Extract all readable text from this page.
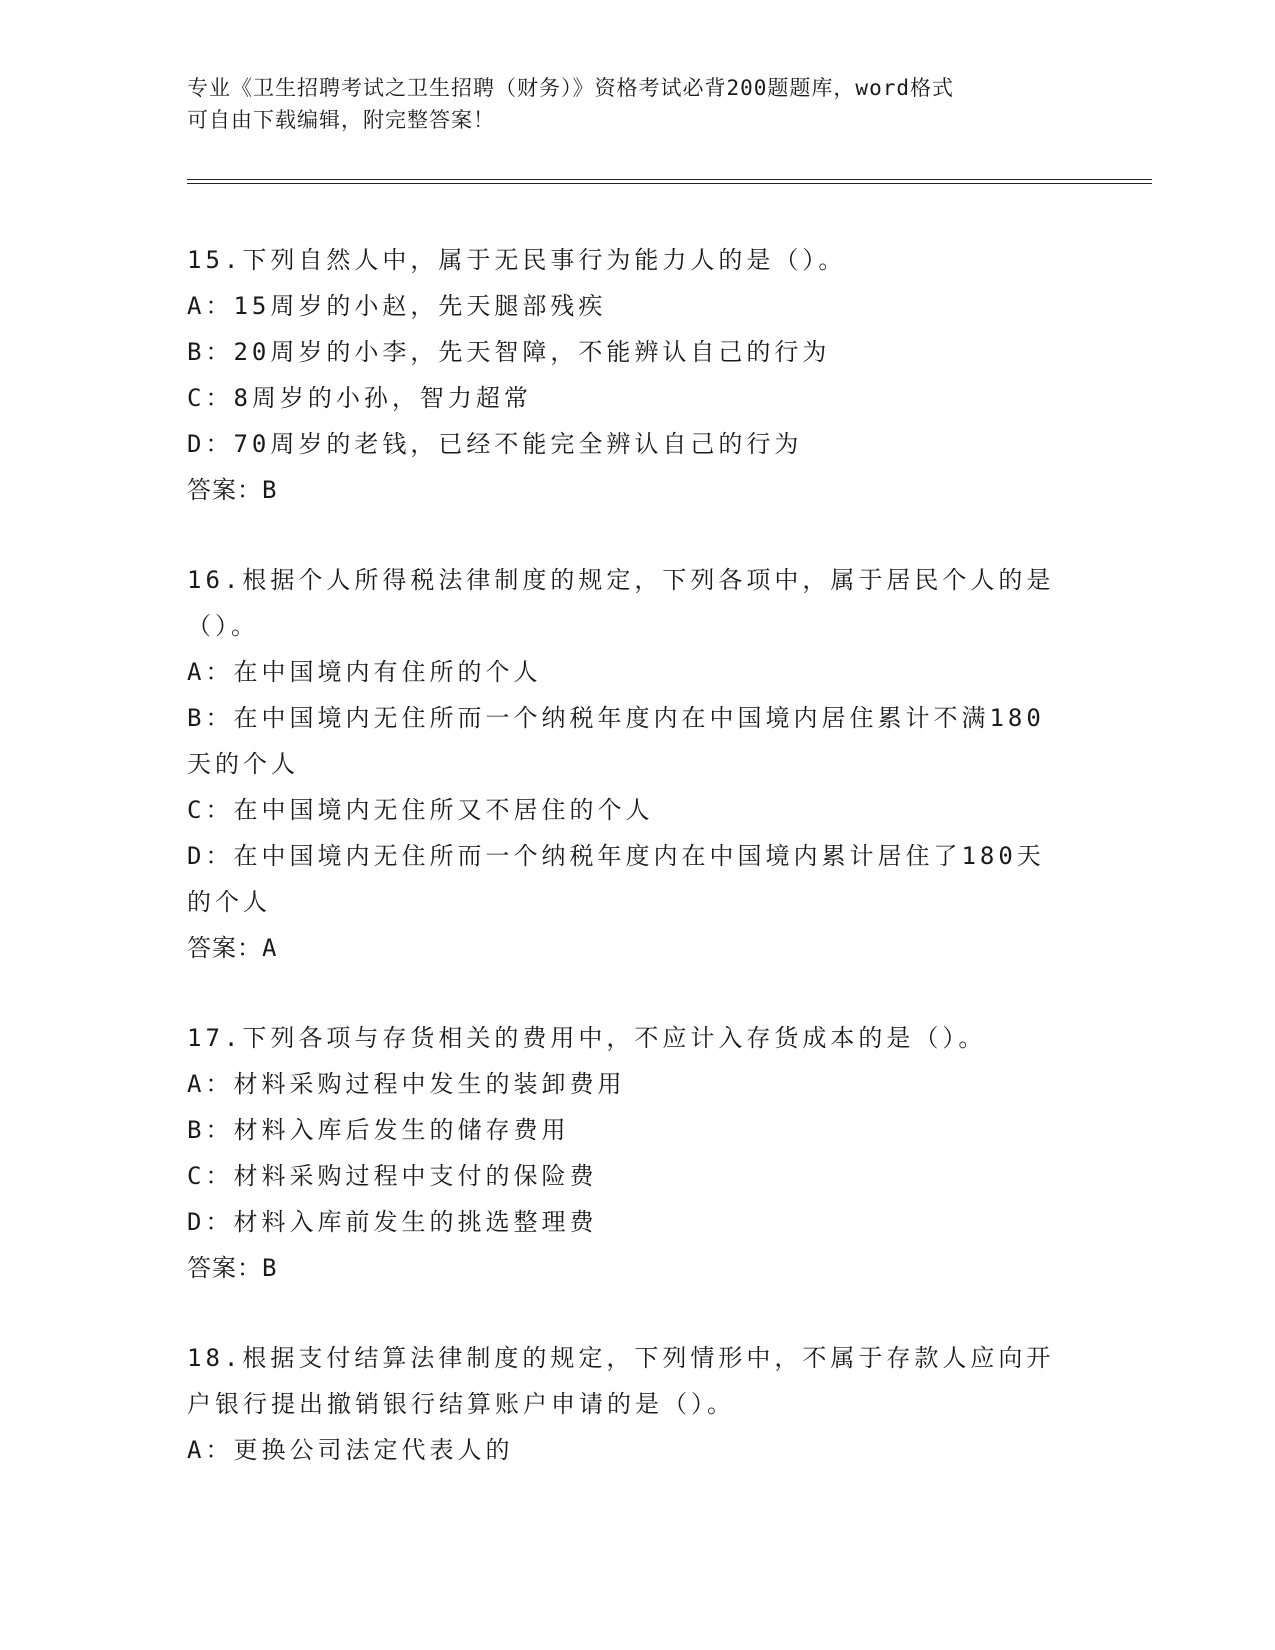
专业《卫生招聘考试之卫生招聘（财务）》资格考试必背200题题库，word格式
可自由下载编辑，附完整答案！
15.下列自然人中，属于无民事行为能力人的是（）。
A：15周岁的小赵，先天腿部残疾
B：20周岁的小李，先天智障，不能辨认自己的行为
C：8周岁的小孙，智力超常
D：70周岁的老钱，已经不能完全辨认自己的行为
答案：B
16.根据个人所得税法律制度的规定，下列各项中，属于居民个人的是
（）。
A：在中国境内有住所的个人
B：在中国境内无住所而一个纳税年度内在中国境内居住累计不满180
天的个人
C：在中国境内无住所又不居住的个人
D：在中国境内无住所而一个纳税年度内在中国境内累计居住了180天
的个人
答案：A
17.下列各项与存货相关的费用中，不应计入存货成本的是（）。
A：材料采购过程中发生的装卸费用
B：材料入库后发生的储存费用
C：材料采购过程中支付的保险费
D：材料入库前发生的挑选整理费
答案：B
18.根据支付结算法律制度的规定，下列情形中，不属于存款人应向开
户银行提出撤销银行结算账户申请的是（）。
A：更换公司法定代表人的
